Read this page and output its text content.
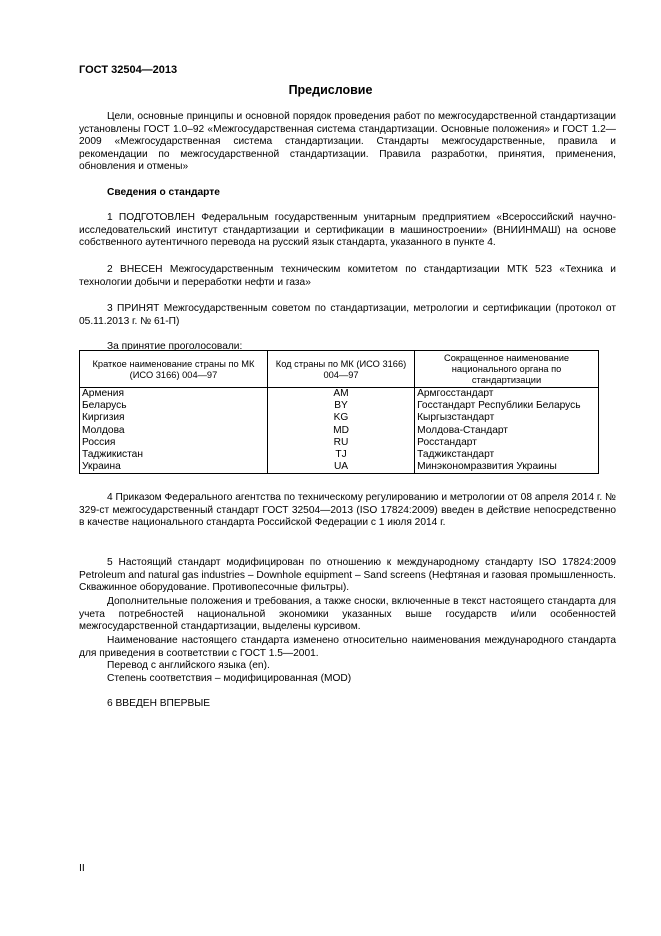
ГОСТ 32504—2013
Предисловие
Цели, основные принципы и основной порядок проведения работ по межгосударственной стандартизации установлены ГОСТ 1.0–92 «Межгосударственная система стандартизации. Основные положения» и ГОСТ 1.2—2009 «Межгосударственная система стандартизации. Стандарты межгосударственные, правила и рекомендации по межгосударственной стандартизации. Правила разработки, принятия, применения, обновления и отмены»
Сведения о стандарте
1 ПОДГОТОВЛЕН Федеральным государственным унитарным предприятием «Всероссийский научно-исследовательский институт стандартизации и сертификации в машиностроении» (ВНИИНМАШ) на основе собственного аутентичного перевода на русский язык стандарта, указанного в пункте 4.
2 ВНЕСЕН Межгосударственным техническим комитетом по стандартизации МТК 523 «Техника и технологии добычи и переработки нефти и газа»
3 ПРИНЯТ Межгосударственным советом по стандартизации, метрологии и сертификации (протокол от 05.11.2013 г. № 61-П)
За принятие проголосовали:
Краткое наименование страны по МК (ИСО 3166) 004—97	Код страны по МК (ИСО 3166) 004—97	Сокращенное наименование национального органа по стандартизации
Армения	AM	Армгосстандарт
Беларусь	BY	Госстандарт Республики Беларусь
Киргизия	KG	Кыргызстандарт
Молдова	MD	Молдова-Стандарт
Россия	RU	Росстандарт
Таджикистан	TJ	Таджикстандарт
Украина	UA	Минэкономразвития Украины
4 Приказом Федерального агентства по техническому регулированию и метрологии от 08 апреля 2014 г. № 329-ст межгосударственный стандарт ГОСТ 32504—2013 (ISO 17824:2009) введен в действие непосредственно в качестве национального стандарта Российской Федерации с 1 июля 2014 г.
5 Настоящий стандарт модифицирован по отношению к международному стандарту ISO 17824:2009 Petroleum and natural gas industries – Downhole equipment – Sand screens (Нефтяная и газовая промышленность. Скважинное оборудование. Противопесочные фильтры).
Дополнительные положения и требования, а также сноски, включенные в текст настоящего стандарта для учета потребностей национальной экономики указанных выше государств и/или особенностей межгосударственной стандартизации, выделены курсивом.
Наименование настоящего стандарта изменено относительно наименования международного стандарта для приведения в соответствии с ГОСТ 1.5—2001.
Перевод с английского языка (en).
Степень соответствия – модифицированная (MOD)
6 ВВЕДЕН ВПЕРВЫЕ
II
